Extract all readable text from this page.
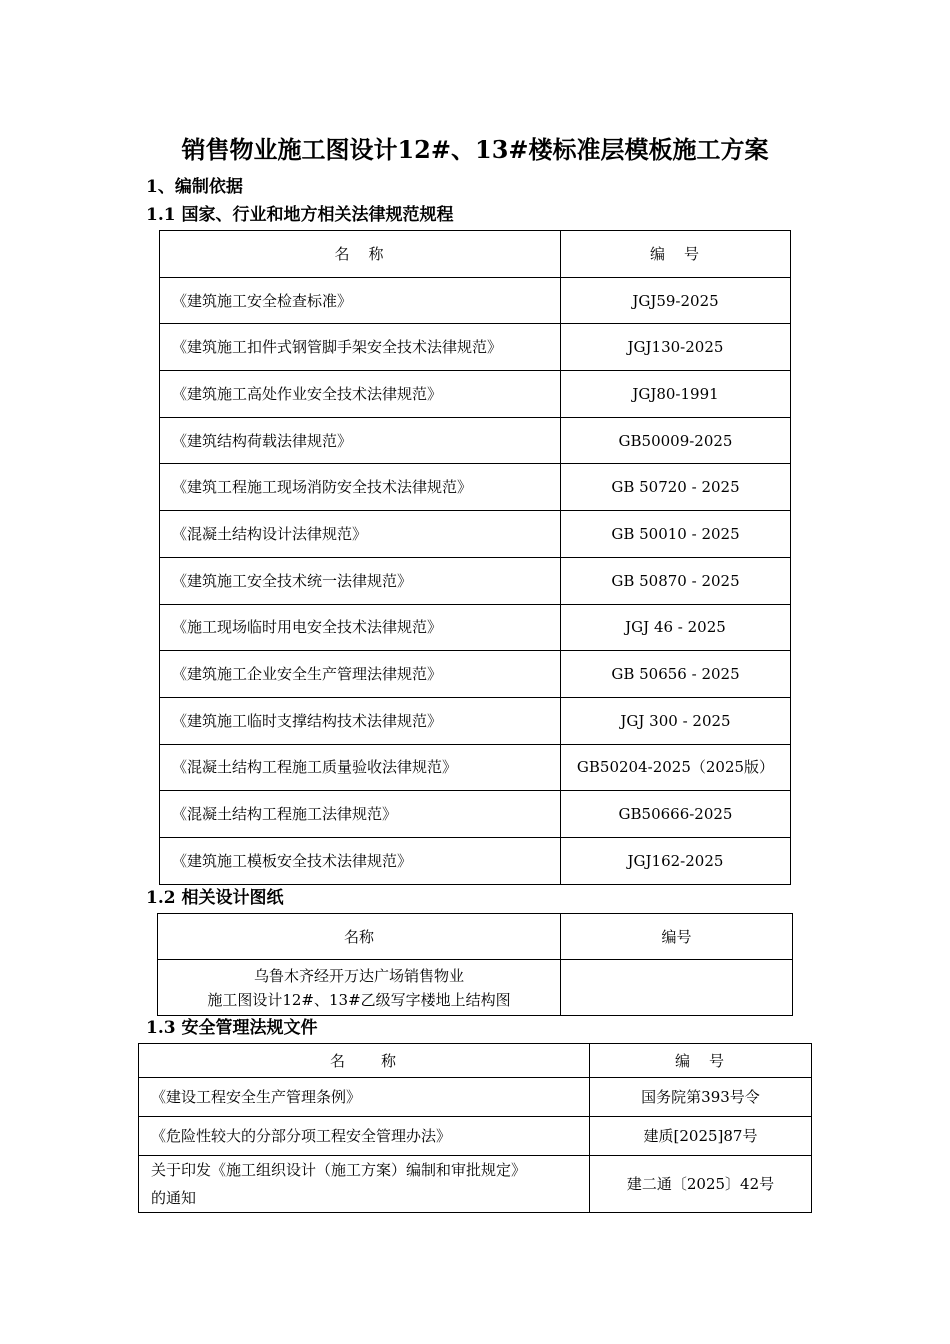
销售物业施工图设计12#、13#楼标准层模板施工方案
1、编制依据
1.1 国家、行业和地方相关法律规范规程
名　称	编　号
《建筑施工安全检查标准》	JGJ59-2025
《建筑施工扣件式钢管脚手架安全技术法律规范》	JGJ130-2025
《建筑施工高处作业安全技术法律规范》	JGJ80-1991
《建筑结构荷载法律规范》	GB50009-2025
《建筑工程施工现场消防安全技术法律规范》	GB 50720 - 2025
《混凝土结构设计法律规范》	GB 50010 - 2025
《建筑施工安全技术统一法律规范》	GB 50870 - 2025
《施工现场临时用电安全技术法律规范》	JGJ 46 - 2025
《建筑施工企业安全生产管理法律规范》	GB 50656 - 2025
《建筑施工临时支撑结构技术法律规范》	JGJ 300 - 2025
《混凝土结构工程施工质量验收法律规范》	GB50204-2025（2025版）
《混凝土结构工程施工法律规范》	GB50666-2025
《建筑施工模板安全技术法律规范》	JGJ162-2025
1.2 相关设计图纸
名称	编号

乌鲁木齐经开万达广场销售物业
施工图设计12#、13#乙级写字楼地上结构图	

1.3 安全管理法规文件
名　　称	编　号
《建设工程安全生产管理条例》	国务院第393号令
《危险性较大的分部分项工程安全管理办法》	建质[2025]87号

关于印发《施工组织设计（施工方案）编制和审批规定》
的通知	建二通〔2025〕42号
